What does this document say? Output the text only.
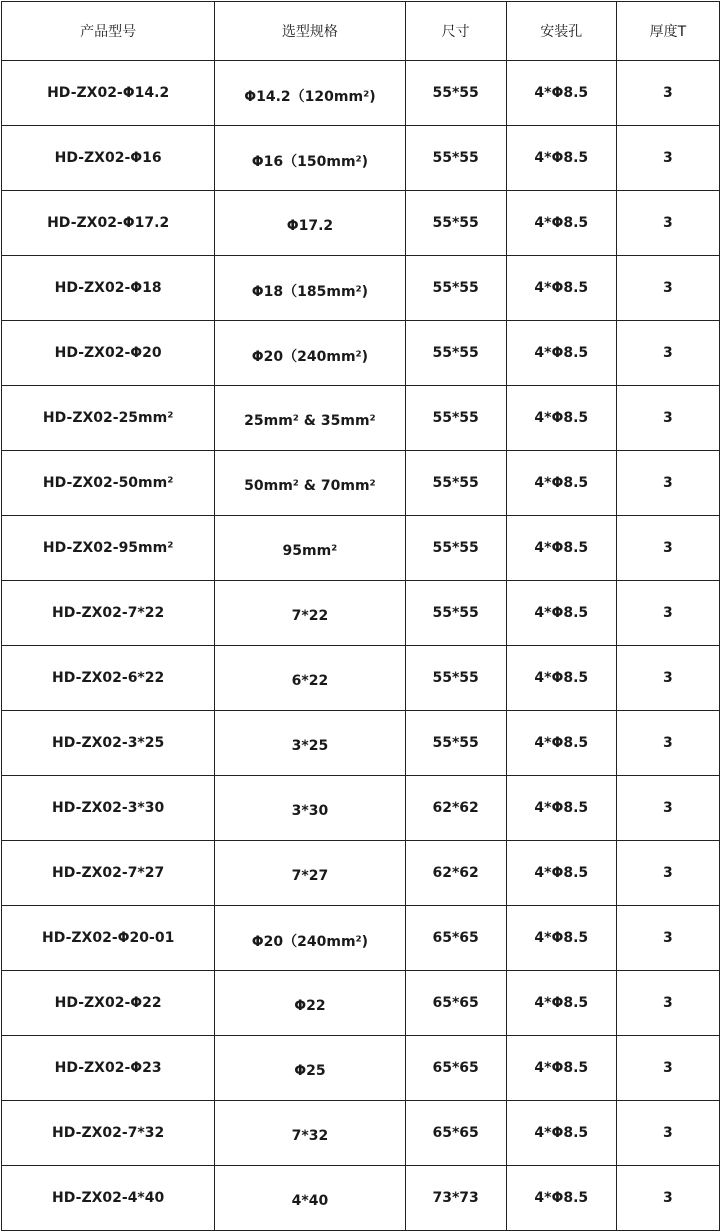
产品型号	选型规格	尺寸	安装孔	厚度T
HD-ZX02-Φ14.2	Φ14.2（120mm²)	55*55	4*Φ8.5	3
HD-ZX02-Φ16	Φ16（150mm²)	55*55	4*Φ8.5	3
HD-ZX02-Φ17.2	Φ17.2	55*55	4*Φ8.5	3
HD-ZX02-Φ18	Φ18（185mm²)	55*55	4*Φ8.5	3
HD-ZX02-Φ20	Φ20（240mm²)	55*55	4*Φ8.5	3
HD-ZX02-25mm²	25mm² & 35mm²	55*55	4*Φ8.5	3
HD-ZX02-50mm²	50mm² & 70mm²	55*55	4*Φ8.5	3
HD-ZX02-95mm²	95mm²	55*55	4*Φ8.5	3
HD-ZX02-7*22	7*22	55*55	4*Φ8.5	3
HD-ZX02-6*22	6*22	55*55	4*Φ8.5	3
HD-ZX02-3*25	3*25	55*55	4*Φ8.5	3
HD-ZX02-3*30	3*30	62*62	4*Φ8.5	3
HD-ZX02-7*27	7*27	62*62	4*Φ8.5	3
HD-ZX02-Φ20-01	Φ20（240mm²)	65*65	4*Φ8.5	3
HD-ZX02-Φ22	Φ22	65*65	4*Φ8.5	3
HD-ZX02-Φ23	Φ25	65*65	4*Φ8.5	3
HD-ZX02-7*32	7*32	65*65	4*Φ8.5	3
HD-ZX02-4*40	4*40	73*73	4*Φ8.5	3
